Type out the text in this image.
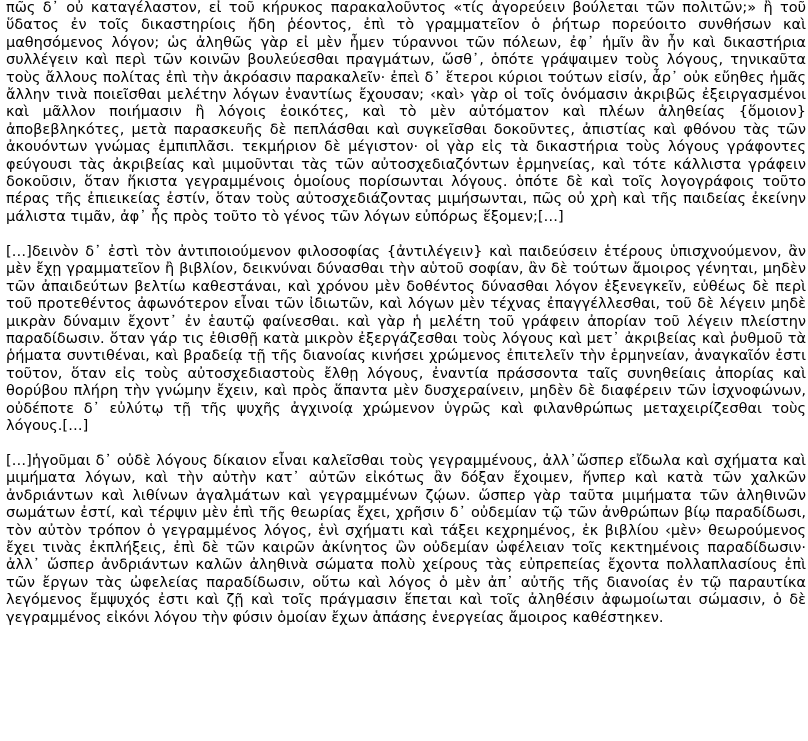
πῶς δ᾽ οὐ καταγέλαστον, εἰ τοῦ κήρυκος παρακαλοῦντος «τίς ἀγορεύειν βούλεται τῶν πολιτῶν;» ἢ τοῦ ὕδατος ἐν τοῖς δικαστηρίοις ἤδη ῥέοντος, ἐπὶ τὸ γραμματεῖον ὁ ῥήτωρ πορεύοιτο συνθήσων καὶ μαθησόμενος λόγον; ὡς ἀληθῶς γὰρ εἰ μὲν ἦμεν τύραννοι τῶν πόλεων, ἐφ᾽ ἡμῖν ἂν ἦν καὶ δικαστήρια συλλέγειν καὶ περὶ τῶν κοινῶν βουλεύεσθαι πραγμάτων, ὥσθ᾽, ὁπότε γράψαιμεν τοὺς λόγους, τηνικαῦτα τοὺς ἄλλους πολίτας ἐπὶ τὴν ἀκρόασιν παρακαλεῖν· ἐπεὶ δ᾽ ἕτεροι κύριοι τούτων εἰσίν, ἆρ᾽ οὐκ εὔηθες ἡμᾶς ἄλλην τινὰ ποιεῖσθαι μελέτην λόγων ἐναντίως ἔχουσαν; ‹καὶ› γὰρ οἱ τοῖς ὀνόμασιν ἀκριβῶς ἐξειργασμένοι καὶ μᾶλλον ποιήμασιν ἢ λόγοις ἐοικότες, καὶ τὸ μὲν αὐτόματον καὶ πλέων ἀληθείας {ὅμοιον} ἀποβεβληκότες, μετὰ παρασκευῆς δὲ πεπλάσθαι καὶ συγκεῖσθαι δοκοῦντες, ἀπιστίας καὶ φθόνου τὰς τῶν ἀκουόντων γνώμας ἐμπιπλᾶσι. τεκμήριον δὲ μέγιστον· οἱ γὰρ εἰς τὰ δικαστήρια τοὺς λόγους γράφοντες φεύγουσι τὰς ἀκριβείας καὶ μιμοῦνται τὰς τῶν αὐτοσχεδιαζόντων ἑρμηνείας, καὶ τότε κάλλιστα γράφειν δοκοῦσιν, ὅταν ἥκιστα γεγραμμένοις ὁμοίους πορίσωνται λόγους. ὁπότε δὲ καὶ τοῖς λογογράφοις τοῦτο πέρας τῆς ἐπιεικείας ἐστίν, ὅταν τοὺς αὐτοσχεδιάζοντας μιμήσωνται, πῶς οὐ χρὴ καὶ τῆς παιδείας ἐκείνην μάλιστα τιμᾶν, ἀφ᾽ ἧς πρὸς τοῦτο τὸ γένος τῶν λόγων εὐπόρως ἕξομεν;[…]

[…]δεινὸν δ᾽ ἐστὶ τὸν ἀντιποιούμενον φιλοσοφίας {ἀντιλέγειν} καὶ παιδεύσειν ἑτέρους ὑπισχνούμενον, ἂν μὲν ἔχῃ γραμματεῖον ἢ βιβλίον, δεικνύναι δύνασθαι τὴν αὑτοῦ σοφίαν, ἂν δὲ τούτων ἄμοιρος γένηται, μηδὲν τῶν ἀπαιδεύτων βελτίω καθεστάναι, καὶ χρόνου μὲν δοθέντος δύνασθαι λόγον ἐξενεγκεῖν, εὐθέως δὲ περὶ τοῦ προτεθέντος ἀφωνότερον εἶναι τῶν ἰδιωτῶν, καὶ λόγων μὲν τέχνας ἐπαγγέλλεσθαι, τοῦ δὲ λέγειν μηδὲ μικρὰν δύναμιν ἔχοντ᾽ ἐν ἑαυτῷ φαίνεσθαι. καὶ γὰρ ἡ μελέτη τοῦ γράφειν ἀπορίαν τοῦ λέγειν πλείστην παραδίδωσιν. ὅταν γάρ τις ἐθισθῇ κατὰ μικρὸν ἐξεργάζεσθαι τοὺς λόγους καὶ μετ᾽ ἀκριβείας καὶ ῥυθμοῦ τὰ ῥήματα συντιθέναι, καὶ βραδείᾳ τῇ τῆς διανοίας κινήσει χρώμενος ἐπιτελεῖν τὴν ἑρμηνείαν, ἀναγκαῖόν ἐστι τοῦτον, ὅταν εἰς τοὺς αὐτοσχεδιαστοὺς ἔλθῃ λόγους, ἐναντία πράσσοντα ταῖς συνηθείαις ἀπορίας καὶ θορύβου πλήρη τὴν γνώμην ἔχειν, καὶ πρὸς ἅπαντα μὲν δυσχεραίνειν, μηδὲν δὲ διαφέρειν τῶν ἰσχνοφώνων, οὐδέποτε δ᾽ εὐλύτῳ τῇ τῆς ψυχῆς ἀγχινοίᾳ χρώμενον ὑγρῶς καὶ φιλανθρώπως μεταχειρίζεσθαι τοὺς λόγους.[…]

[…]ἡγοῦμαι δ᾽ οὐδὲ λόγους δίκαιον εἶναι καλεῖσθαι τοὺς γεγραμμένους, ἀλλ᾽ὥσπερ εἴδωλα καὶ σχήματα καὶ μιμήματα λόγων, καὶ τὴν αὐτὴν κατ᾽ αὐτῶν εἰκότως ἂν δόξαν ἔχοιμεν, ἥνπερ καὶ κατὰ τῶν χαλκῶν ἀνδριάντων καὶ λιθίνων ἀγαλμάτων καὶ γεγραμμένων ζῴων. ὥσπερ γὰρ ταῦτα μιμήματα τῶν ἀληθινῶν σωμάτων ἐστί, καὶ τέρψιν μὲν ἐπὶ τῆς θεωρίας ἔχει, χρῆσιν δ᾽ οὐδεμίαν τῷ τῶν ἀνθρώπων βίῳ παραδίδωσι, τὸν αὐτὸν τρόπον ὁ γεγραμμένος λόγος, ἑνὶ σχήματι καὶ τάξει κεχρημένος, ἐκ βιβλίου ‹μὲν› θεωρούμενος ἔχει τινὰς ἐκπλήξεις, ἐπὶ δὲ τῶν καιρῶν ἀκίνητος ὢν οὐδεμίαν ὠφέλειαν τοῖς κεκτημένοις παραδίδωσιν· ἀλλ᾽ ὥσπερ ἀνδριάντων καλῶν ἀληθινὰ σώματα πολὺ χείρους τὰς εὐπρεπείας ἔχοντα πολλαπλασίους ἐπὶ τῶν ἔργων τὰς ὠφελείας παραδίδωσιν, οὕτω καὶ λόγος ὁ μὲν ἀπ᾽ αὐτῆς τῆς διανοίας ἐν τῷ παραυτίκα λεγόμενος ἔμψυχός ἐστι καὶ ζῇ καὶ τοῖς πράγμασιν ἕπεται καὶ τοῖς ἀληθέσιν ἀφωμοίωται σώμασιν, ὁ δὲ γεγραμμένος εἰκόνι λόγου τὴν φύσιν ὁμοίαν ἔχων ἁπάσης ἐνεργείας ἄμοιρος καθέστηκεν.
